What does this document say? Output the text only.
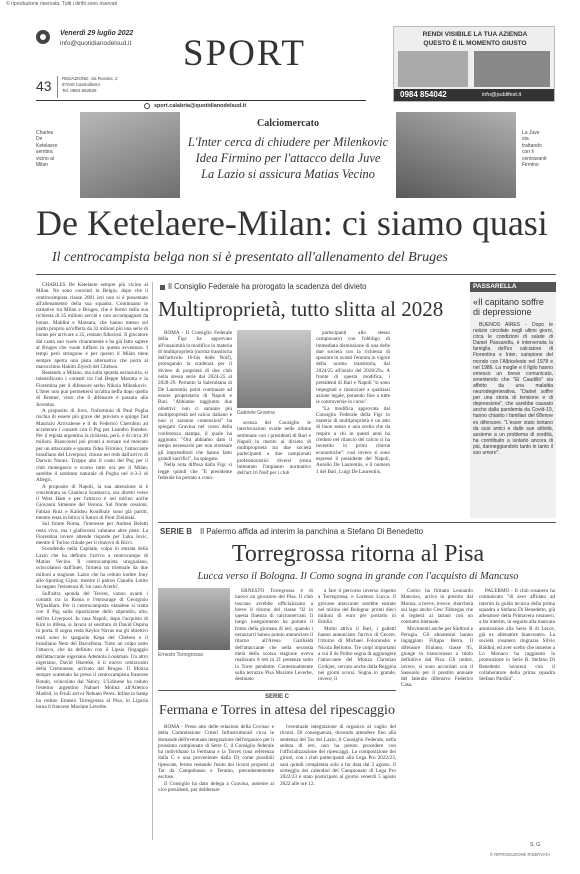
© riproduzione riservata. Tutti i diritti sono riservati
Venerdì 29 luglio 2022
info@quotidianodelsud.it SPORT
43 REDAZIONE: via Rossini, 2
87040 Castrolibero
Tel. 0984 852828
sport.calabria@quotidianodelsud.it
RENDI VISIBILE LA TUA AZIENDA
QUESTO È IL MOMENTO GIUSTO
0984 854042	info@publifest.it
Charles
De
Ketelaere
sembra
vicino al
Milan
La Juve
sta
trattando
con il
centravanti
Firmino
Calciomercato
L'Inter cerca di chiudere per Milenkovic
Idea Firmino per l'attacco della Juve
La Lazio si assicura Matias Vecino
De Ketelaere-Milan: ci siamo quasi
Il centrocampista belga non si è presentato all'allenamento del Bruges

CHARLES De Ketelaere sempre più vicino al Milan. Ne sono convinti in Belgio, dopo che il centrocampista classe 2001 ieri non si è presentato all'allenamento della sua squadra. Continuano le trattative tra Milan e Bruges, che è fermo nella sua richiesta di 35 milioni secchi e non accompagnati da bonus. Maldini e Massara, che hanno messo sul piatto proprio un'offerta da 32 milioni più una serie di bonus per arrivare a 35, restano fiduciosi. Il giocatore dal canto suo vuole chiaramente e ha già fatto sapere al Bruges che vuole tuffarsi in questa avventura. I tempi però stringono e per questo il Milan tiene sempre aperta una pista alternativa che porta al marocchino Hakim Ziyech del Chelsea.

Restando a Milano, ma sulla sponda nerazzurra, si intensificano i contatti tra l'ad Beppe Marotta e la Fiorentina per il difensore serbo Nikola Milenkovic. L'Inter non può permettersi un'altra beffa dopo quella di Bremer, visto che il difensore è passato alla Juventus.

A proposito di Juve, l'infortunio di Paul Pogba rischia di essere più grave del previsto e spinge l'ad Maurizio Arrivabene e il ds Federico Cherubini ad accelerare i contatti con il Psg per Leandro Paredes. Per il regista argentino la richiesta, però, è di circa 30 milioni. Bianconeri poi pronti a tornare sul mercato per un attaccante e spunta l'idea Firmino, l'attaccante brasiliano del Liverpool, chiuso nei reds dall'arrivo di Darwin Nunez. Troppo alto il costo del Psg per il club monegasco e scarso tutto ora per il Milan, sarebbe il sostituto naturale di Pogba nel 4-3-3 di Allegri.

A proposito di Napoli, la sua attenzione si è concentrata su Gianluca Scamacca, ora diretto verso il West Ham e per l'attacco è nel mirino anche Giovanni Simeone del Verona. Sul fronte cessioni, Fabian Ruiz e Kalidou Koulibaly sono già partiti, mentre resta in bilico il futuro di Piotr Zielinski.

Sul fronte Roma, l'interesse per Andrea Belotti resta vivo, ma i giallorossi valutano altre piste. La Fiorentina invece attende risposte per Luka Jovic, mentre il Torino chiude per il rinnovo di Ricci.

Scendendo nella Capitale, colpo in entrata della Lazio che ha definito l'arrivo a centrocampo di Matias Vecino. Il centrocampista uruguaiano, svincolatosi dall'Inter, firmerà un triennale da due milioni a stagione. Lazio che ha ceduto inoltre Jony allo Sporting Gijon, mentre il patron Claudio Lotito ha negato l'esistenza di 'un caso Acerbi'.

Sull'altra sponda del Tevere, vanno avanti i contatti tra la Roma e l'entourage di Georginio Wijnaldum. Per il centrocampista olandese si tratta con il Psg sulla ripartizione dello stipendio, alto, dell'ex Liverpool. In casa Napoli, dopo l'acquisto di Kim in difesa, si lavora al sostituto di David Ospina in porta. Il sogno resta Keylor Navas ma gli obiettivi reali sono lo spagnolo Kepa del Chelsea e il brasiliano Neto del Barcellona. Tutto un colpo sotto l'attacco, che ha definito con il Lipsia l'ingaggio dell'attaccante nigeriano Ademola Lookman. Un altro nigeriano, David Okereke, è il nuovo centravanti della Cremonese, arrivato dal Bruges. Il Monza sempre scatenato ha preso il centrocampista francese Bondo, svincolato dal Nancy. L'Udinese ha ceduto l'esterno argentino Nahuel Molina all'Atletico Madrid, in Friuli arriva Nehuen Perez. Infine la Samp ha ceduto Ernesto Torregrossa al Pisa, in Liguria torna il francese Maxime Leverbe.

Il Consiglio Federale ha prorogato la scadenza del divieto
Multiproprietà, tutto slitta al 2028

ROMA - Il Consiglio Federale della Figc ha approvato all'unanimità la modifica in materia di multiproprietà (norma transitoria dell'articolo 16-bis delle Noif), prorogando la scadenza per il divieto di proprietà di due club nella stessa serie dal 2024-25 al 2028-29. Pertanto la Salernitana di De Laurentiis potrà continuare ad essere proprietario di Napoli e Bari. "Abbiamo raggiunto due obiettivi: non ci saranno più multiproprietà nel calcio italiano e non ci saranno contenziosi" ha spiegato Gravina nel corso della conferenza stampa, il quale ha aggiunto: "Ora abbiamo dato il tempo necessario per non stressare gli imprenditori che hanno fatto grandi sacrifici", ha spiegato.

Nella nota diffusa dalla Figc si legge quindi che "Il presidente federale ha portato a cono-

Gabriele Gravina

scenza del Consiglio le interlocuzioni svolte nelle ultime settimane con i presidenti di Bari e Napoli in merito al divieto di multiproprietà tra due società partecipanti a due campionati professionistici diversi (resta immutato l'impianto normativo dell'art.16 Noif per i club

partecipanti allo stesso campionato) con l'obbligo di immediata dismissione di una delle due società con la richiesta di spostare in avanti l'entrata in vigore della norma transitoria, dal 2024/25 all'inizio del 2028/29». A fronte di questa modifica, i presidenti di Bari e Napoli "si sono impegnati a rinunciare a qualsiasi azione legale, ponendo fine a tutte le controversie in corso".

"La modifica approvata dal Consiglio Federale della Figc in materia di multiproprietà è un atto di buon senso e una scelta che da respiro a chi in questi anni ha creduto nel rilancio del calcio ci ha investito in primi ritorne economiche": così invece si sono espressi il presidente del Napoli, Aurelio De Laurentiis, e il numero 1 del Bari, Luigi De Laurentiis.

PASSARELLA
«Il capitano soffre di depressione

BUENOS AIRES - Dopo le notizie circolate negli ultimi giorni, circa le condizioni di salute di Daniel Passarella, è intervenuta la famiglia dell'ex calciatore di Fiorentina e Inter, campione del mondo con l'Albiceleste nel 1978 e nel 1986. La moglie e il figlio hanno emesso un breve comunicato, smentendo che "El Caudillo" sia affetto da una malattia neurodegenerativa. "Daniel soffre per una storia di tensione e di depressione", che sarebbe causato anche dalla pandemia da Covid-19, hanno chiarito i familiari del 68enne ex difensore. "L'esser stato lontano da suoi amici e dalle sue attività, assieme a un problema di sordità, ha contribuito a isolarlo ancora di più, danneggiandolo tanto in tanto il suo umore".

SERIE B Il Palermo affida ad interim la panchina a Stefano Di Benedetto
Torregrossa ritorna al Pisa
Lucca verso il Bologna. Il Como sogna in grande con l'acquisto di Mancuso
Ernesto Torregrossa

ERNESTO Torregrossa è di nuovo un giocatore del Pisa. Il club toscano avrebbe ufficializzato a breve il ritorno del classe '92 in questa finestra di calciomercato. Il lungo inseguimento ha portato il frutto della giornata di ieri, quando i nerazzurri hanno potuto annunciare il ritorno all'Arena Garibaldi dell'attaccante che nella seconda metà della scorsa stagione aveva realizzato 8 reti in 21 presenze sotto la Torre pendente. Contestualmente sulla terrazzo Pisa Maxime Leverbe, destinato

a fare il percorso inverso rispetto a Torregrossa, e Lorenzo Lucca. Il giovane attaccante sarebbe entrato nel mirino del Bologna: pronti dieci milioni di euro per portarlo in Emilia.

Molto attivo il Bari, i galletti hanno annunciato l'arrivo di Cecere, l'ritorno di Michael Folorunsho e Nicola Bellomo. Tre colpi importanti a cui il ds Polito sogna di aggiungere l'attaccante del Monza Christian Gytkjær, cercato anche dalla Reggina nei giorni scorsi. Sogna in grande, invece, il

Como: ha firmato Leonardo Mancuso, arriva in prestito dal Monza, a breve, invece, sbarcherà sul lago anche Cesc Fàbregas che si legherà ai lariani con un contratto biennale.

Movimenti anche per Südtirol e Perugia. Gli altoatesini hanno ingaggiato Filippo Berra. Il difensore friulano, classe 95, giunge in biancorosso a titolo definitivo dal Pisa. Gli umbri, invece, si sono accordati con il Sassuolo per il prestito annuale del laterale difensivo Federico Casa.

PALERMO - Il club rosanero ha comunicato "di aver affidato ad interim la guida tecnica della prima squadra a Stefano Di Benedetto, già allenatore della Primavera rosanero, a far interim, in seguito alla mancata ammissione alla Serie B di Lecce, già ex allenatore bianconero. La società rosanero ringrazia Silvio Baldini, ed aver scelto che insieme a Lo Monaco ha raggiunto la promozione in Serie B. Stefano Di Benedetto lavorerà con il collaboratore della prima squadra Stefano Pardini".

SERIE C
Fermana e Torres in attesa del ripescaggio

ROMA - Preso atto delle relazioni della Covisoc e della Commissione Criteri Infrastrutturali circa le domande dell'eventuale integrazione dell'organico per il prossimo campionato di Serie C, il Consiglio federale ha individuato la Fermana e la Torres (una referenza dalla C e una proveniente dalla D) come possibili ripescate, fermo restando l'esito dei ricorsi proposti al Tar da Campobasso e Teramo, precedentemente escluse.

Il Consiglio ha dato delega a Gravina, assieme ai vice presidenti, per deliberare

l'eventuale integrazione di organico al vaglio del ricorsi. Di conseguenza, dovendo attendere fino alla sentenza del Tar del Lazio, il Consiglio Federale, nella seduta di ieri, non ha potuto procedere con l'ufficializzazione dei ripescaggi. La composizione dei gironi, con i club partecipanti alla Lega Pro 2022/23, sarà quindi completata solo a far data dal 2 agosto. Il sorteggio dei calendari del Campionato di Lega Pro 2022/23 è stato posticipato al giorno venerdì 5 agosto 2022 alle ore 12.

S. G.
© RIPRODUZIONE RISERVATA
